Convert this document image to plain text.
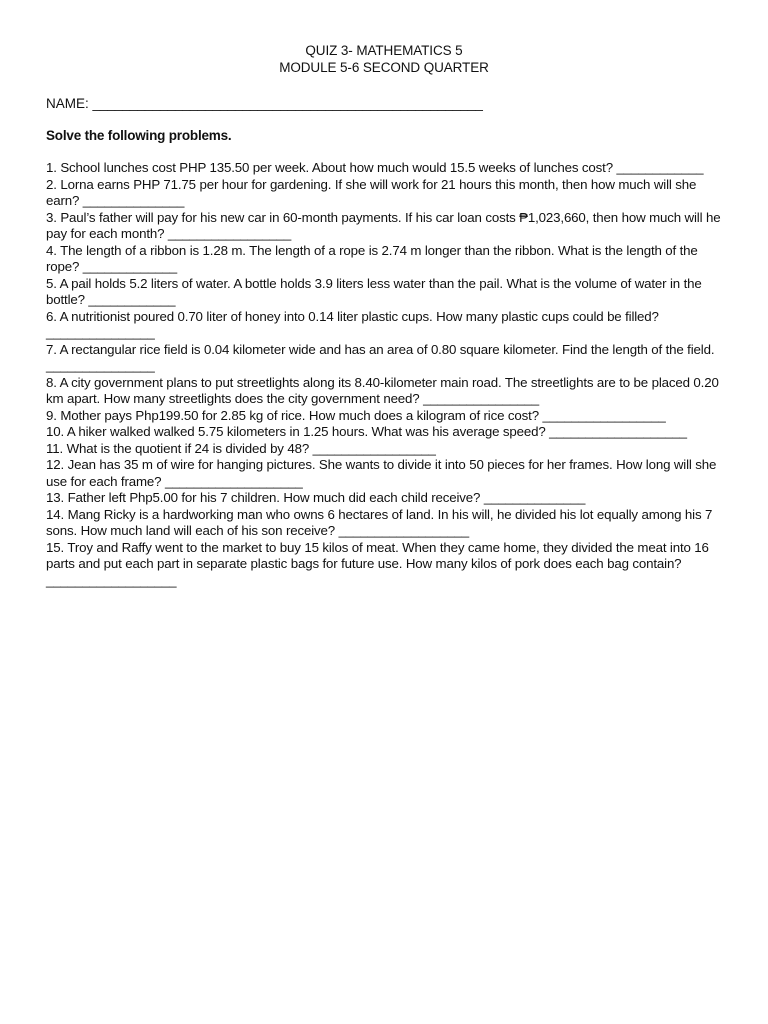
QUIZ 3- MATHEMATICS 5
MODULE 5-6 SECOND QUARTER
NAME: ____________________________________________________
Solve the following problems.

1. School lunches cost PHP 135.50 per week. About how much would 15.5 weeks of lunches cost? ____________

2. Lorna earns PHP 71.75 per hour for gardening. If she will work for 21 hours this month, then how much will she earn? ______________

3. Paul’s father will pay for his new car in 60-month payments. If his car loan costs ₱1,023,660, then how much will he pay for each month? _________________

4. The length of a ribbon is 1.28 m. The length of a rope is 2.74 m longer than the ribbon. What is the length of the rope? _____________

5. A pail holds 5.2 liters of water. A bottle holds 3.9 liters less water than the pail. What is the volume of water in the bottle? ____________

6. A nutritionist poured 0.70 liter of honey into 0.14 liter plastic cups. How many plastic cups could be filled? _______________

7. A rectangular rice field is 0.04 kilometer wide and has an area of 0.80 square kilometer. Find the length of the field. _______________

8. A city government plans to put streetlights along its 8.40-kilometer main road. The streetlights are to be placed 0.20 km apart. How many streetlights does the city government need? ________________

9. Mother pays Php199.50 for 2.85 kg of rice. How much does a kilogram of rice cost? _________________

10. A hiker walked walked 5.75 kilometers in 1.25 hours. What was his average speed? ___________________

11. What is the quotient if 24 is divided by 48? _________________

12. Jean has 35 m of wire for hanging pictures. She wants to divide it into 50 pieces for her frames. How long will she use for each frame? ___________________

13. Father left Php5.00 for his 7 children. How much did each child receive? ______________

14. Mang Ricky is a hardworking man who owns 6 hectares of land. In his will, he divided his lot equally among his 7 sons. How much land will each of his son receive? __________________

15. Troy and Raffy went to the market to buy 15 kilos of meat. When they came home, they divided the meat into 16 parts and put each part in separate plastic bags for future use. How many kilos of pork does each bag contain? __________________
